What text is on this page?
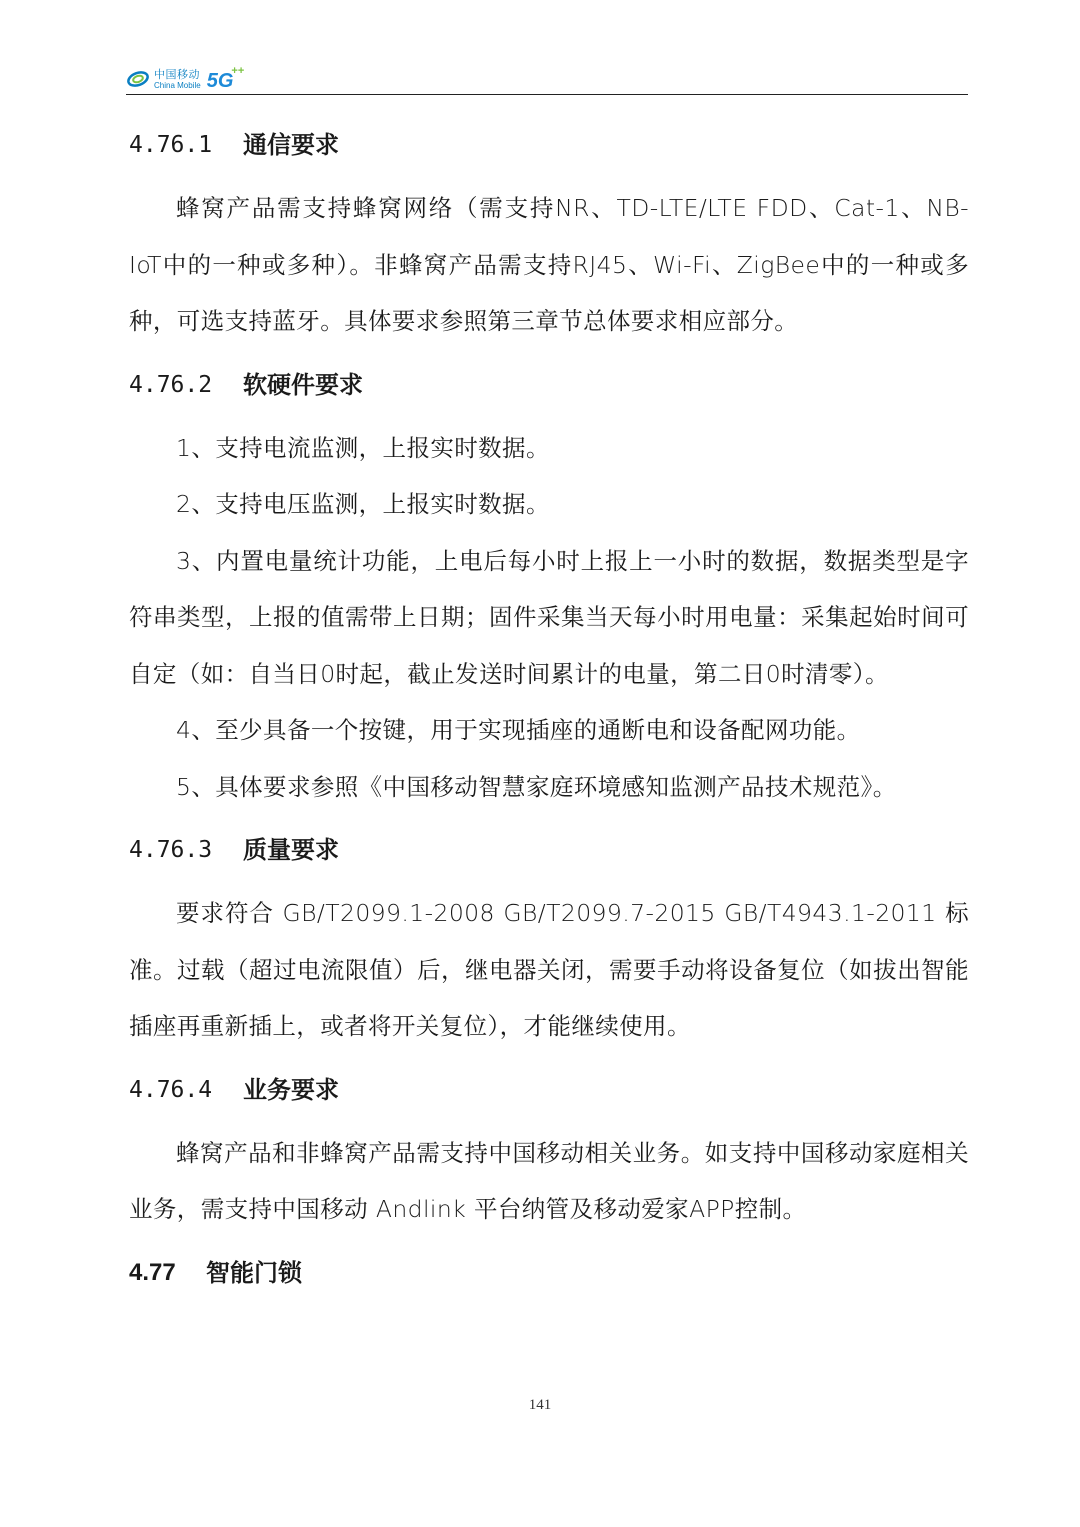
中国移动
China Mobile 5G
++
4.76.1	通信要求

蜂窝产品需支持蜂窝网络（需支持NR、TD-LTE/LTE FDD、Cat-1、NB-IoT中的一种或多种）。非蜂窝产品需支持RJ45、Wi-Fi、ZigBee中的一种或多种，可选支持蓝牙。具体要求参照第三章节总体要求相应部分。

4.76.2	软硬件要求

1、支持电流监测，上报实时数据。

2、支持电压监测，上报实时数据。

3、内置电量统计功能，上电后每小时上报上一小时的数据，数据类型是字符串类型，上报的值需带上日期；固件采集当天每小时用电量：采集起始时间可自定（如：自当日0时起，截止发送时间累计的电量，第二日0时清零）。

4、至少具备一个按键，用于实现插座的通断电和设备配网功能。

5、具体要求参照《中国移动智慧家庭环境感知监测产品技术规范》。

4.76.3	质量要求

要求符合 GB/T2099.1-2008 GB/T2099.7-2015 GB/T4943.1-2011 标准。过载（超过电流限值）后，继电器关闭，需要手动将设备复位（如拔出智能插座再重新插上，或者将开关复位），才能继续使用。

4.76.4	业务要求

蜂窝产品和非蜂窝产品需支持中国移动相关业务。如支持中国移动家庭相关业务，需支持中国移动 Andlink 平台纳管及移动爱家APP控制。

4.77	智能门锁
141
